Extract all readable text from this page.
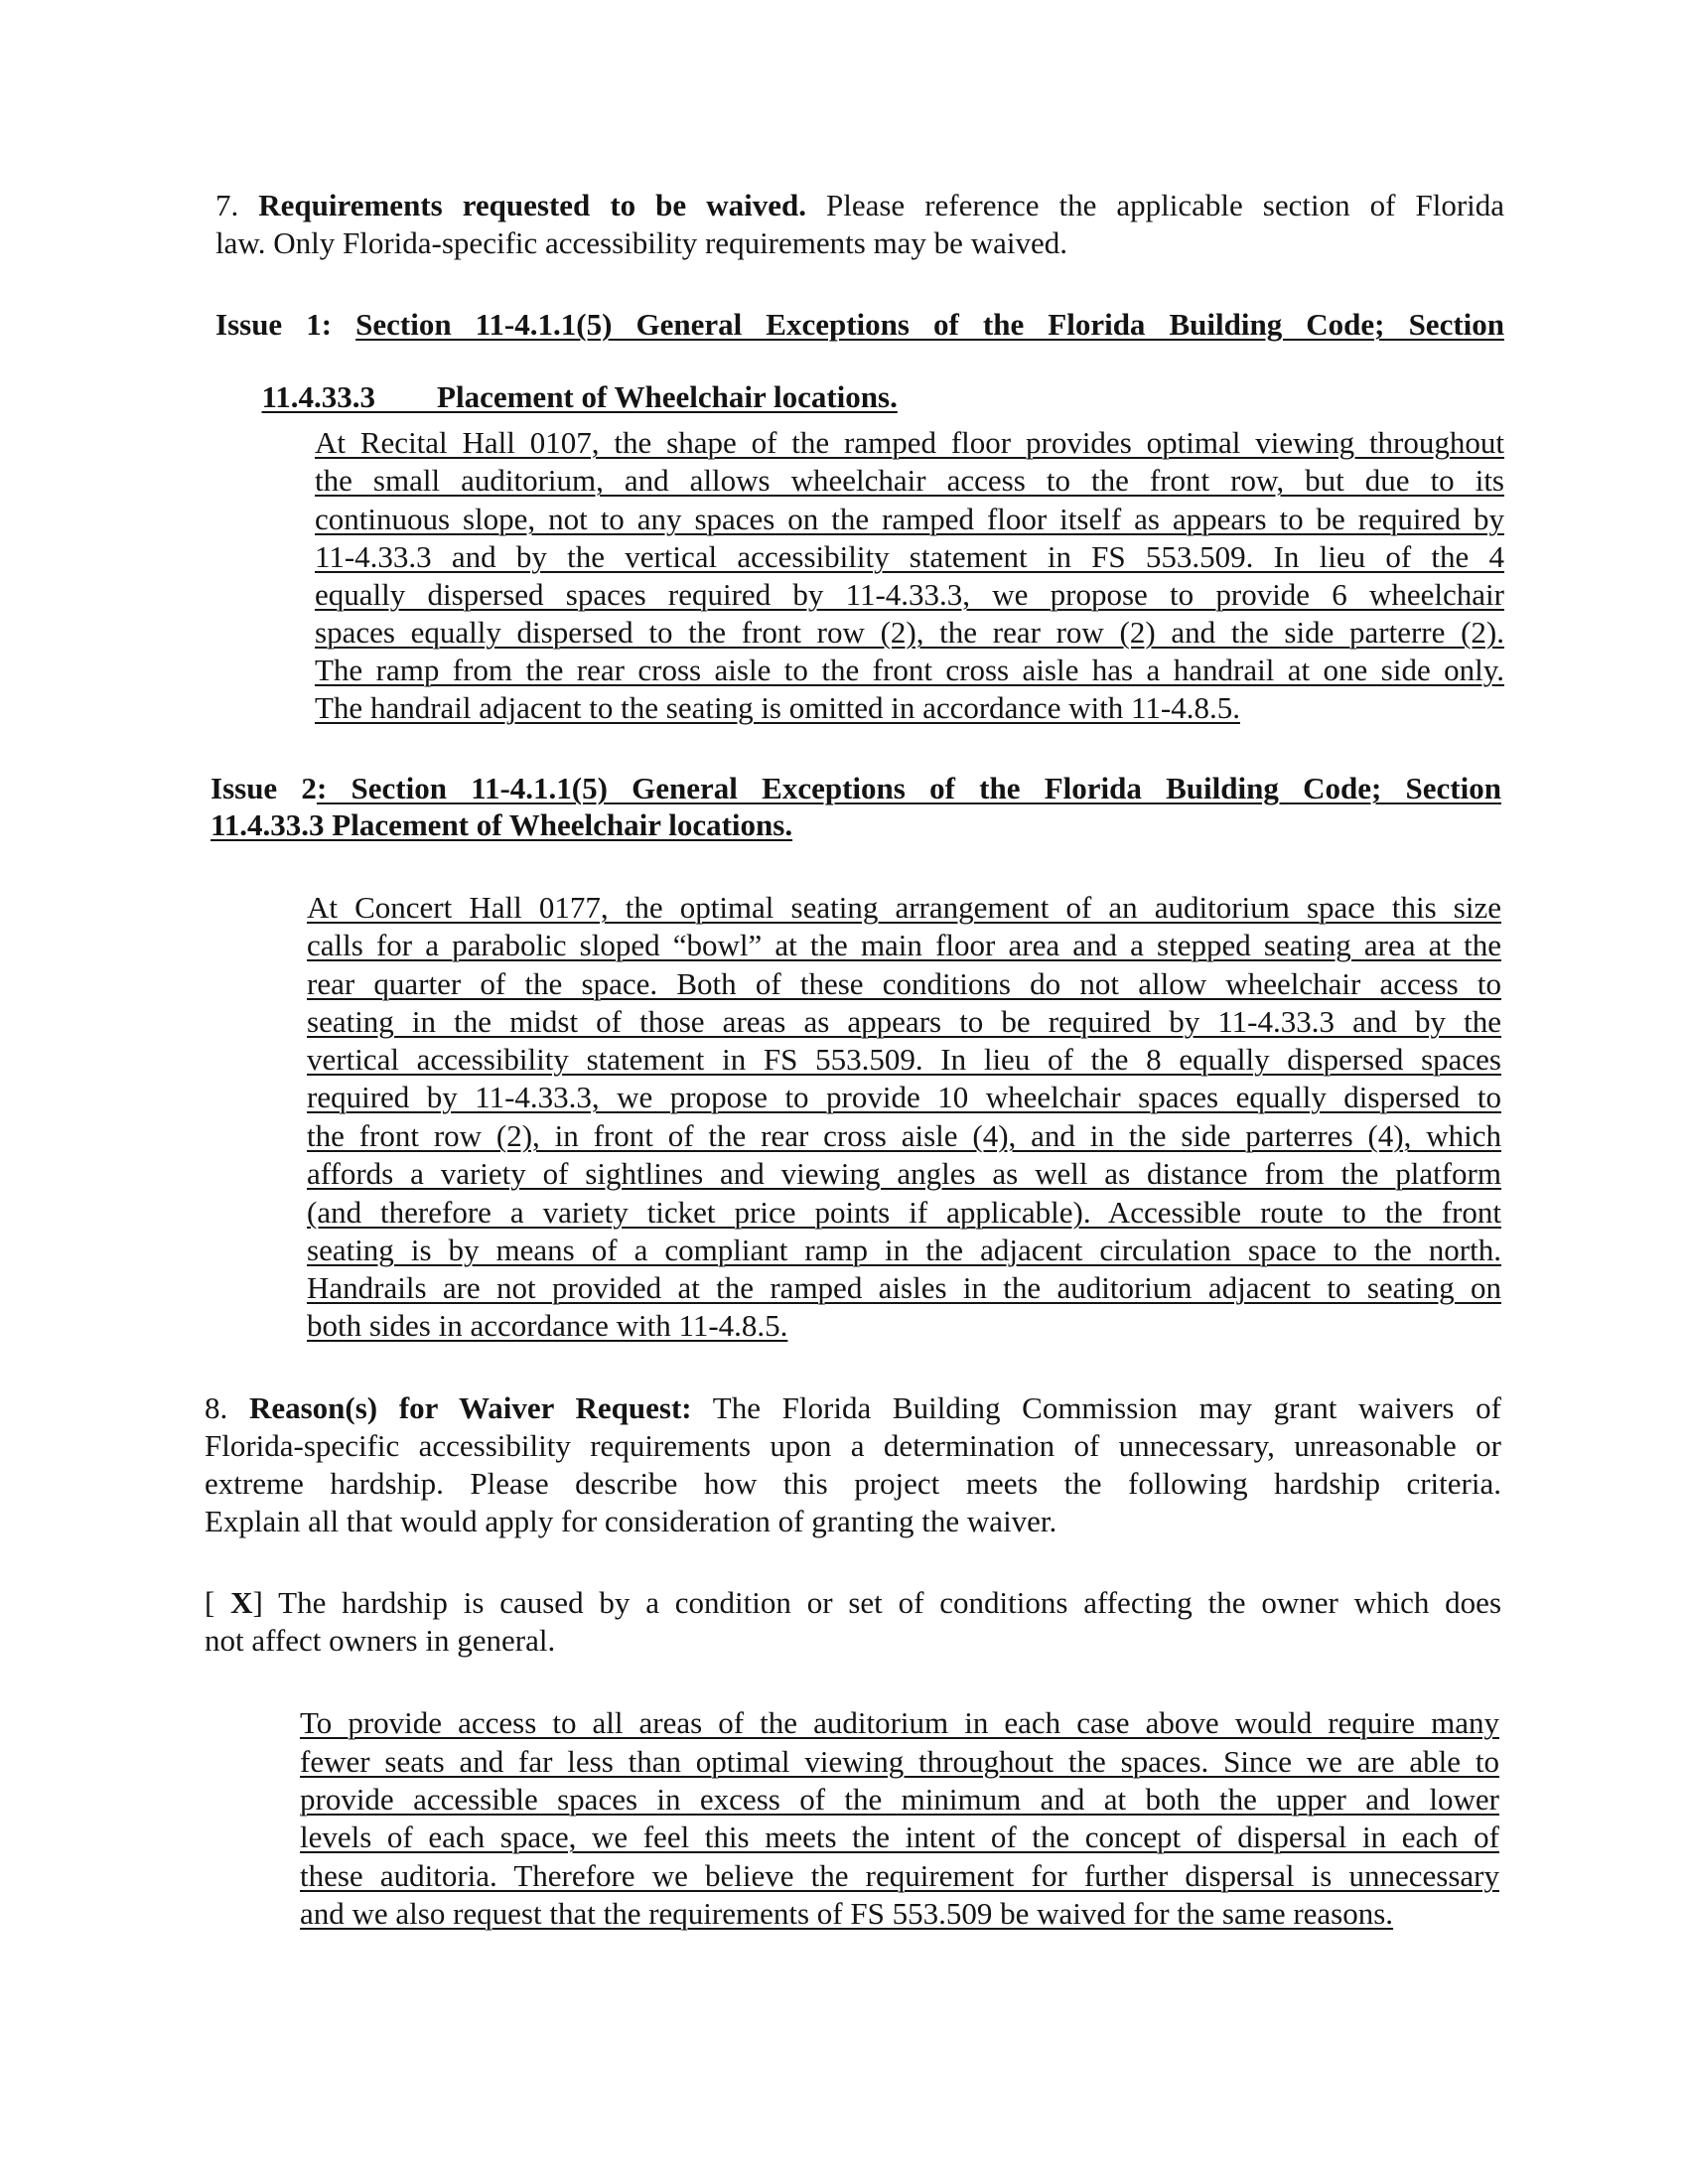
7. Requirements requested to be waived. Please reference the applicable section of Florida
law. Only Florida-specific accessibility requirements may be waived.
Issue 1: Section 11-4.1.1(5) General Exceptions of the Florida Building Code; Section

11.4.33.3        Placement of Wheelchair locations.

At Recital Hall 0107, the shape of the ramped floor provides optimal viewing throughout
the small auditorium, and allows wheelchair access to the front row, but due to its
continuous slope, not to any spaces on the ramped floor itself as appears to be required by
11-4.33.3 and by the vertical accessibility statement in FS 553.509. In lieu of the 4
equally dispersed spaces required by 11-4.33.3, we propose to provide 6 wheelchair
spaces equally dispersed to the front row (2), the rear row (2) and the side parterre (2).
The ramp from the rear cross aisle to the front cross aisle has a handrail at one side only.
The handrail adjacent to the seating is omitted in accordance with 11-4.8.5.
Issue 2: Section 11-4.1.1(5) General Exceptions of the Florida Building Code; Section
11.4.33.3 Placement of Wheelchair locations.
At Concert Hall 0177, the optimal seating arrangement of an auditorium space this size
calls for a parabolic sloped “bowl” at the main floor area and a stepped seating area at the
rear quarter of the space. Both of these conditions do not allow wheelchair access to
seating in the midst of those areas as appears to be required by 11-4.33.3 and by the
vertical accessibility statement in FS 553.509. In lieu of the 8 equally dispersed spaces
required by 11-4.33.3, we propose to provide 10 wheelchair spaces equally dispersed to
the front row (2), in front of the rear cross aisle (4), and in the side parterres (4), which
affords a variety of sightlines and viewing angles as well as distance from the platform
(and therefore a variety ticket price points if applicable). Accessible route to the front
seating is by means of a compliant ramp in the adjacent circulation space to the north.
Handrails are not provided at the ramped aisles in the auditorium adjacent to seating on
both sides in accordance with 11-4.8.5.
8. Reason(s) for Waiver Request: The Florida Building Commission may grant waivers of
Florida-specific accessibility requirements upon a determination of unnecessary, unreasonable or
extreme hardship. Please describe how this project meets the following hardship criteria.
Explain all that would apply for consideration of granting the waiver.
[ X] The hardship is caused by a condition or set of conditions affecting the owner which does
not affect owners in general.
To provide access to all areas of the auditorium in each case above would require many
fewer seats and far less than optimal viewing throughout the spaces. Since we are able to
provide accessible spaces in excess of the minimum and at both the upper and lower
levels of each space, we feel this meets the intent of the concept of dispersal in each of
these auditoria. Therefore we believe the requirement for further dispersal is unnecessary
and we also request that the requirements of FS 553.509 be waived for the same reasons.
